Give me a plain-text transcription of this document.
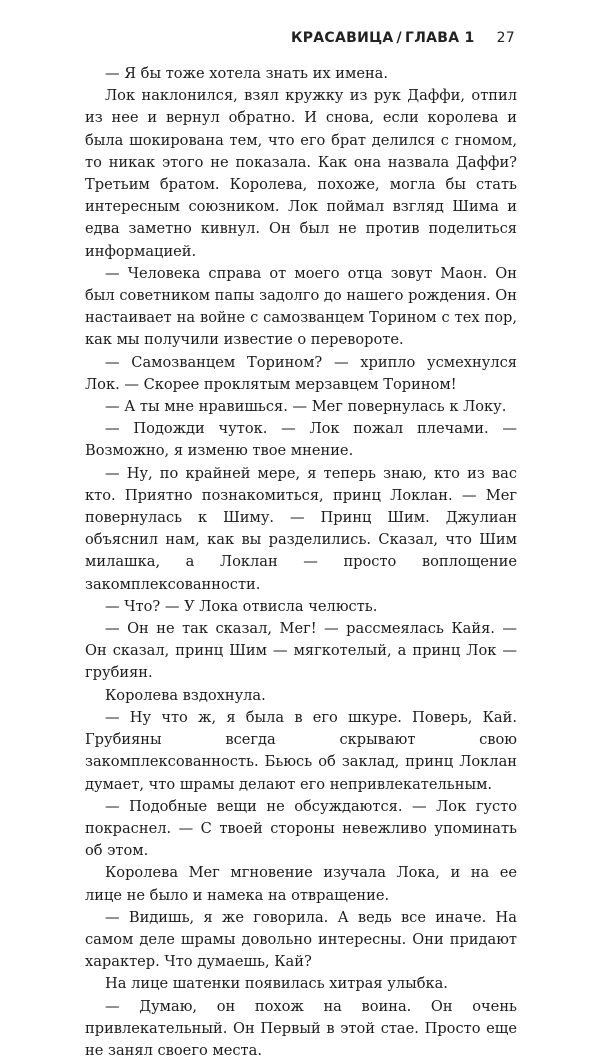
КРАСАВИЦА / ГЛАВА 1 27

— Я бы тоже хотела знать их имена.

Лок наклонился, взял кружку из рук Даффи, отпил из нее и вернул обратно. И снова, если королева и была шокирована тем, что его брат делился с гномом, то никак этого не показала. Как она назвала Даффи? Третьим братом. Королева, похоже, могла бы стать интересным союзником. Лок поймал взгляд Шима и едва заметно кивнул. Он был не против поделиться информацией.

— Человека справа от моего отца зовут Маон. Он был советником папы задолго до нашего рождения. Он настаивает на войне с самозванцем Торином с тех пор, как мы получили известие о перевороте.

— Самозванцем Торином? — хрипло усмехнулся Лок. — Скорее проклятым мерзавцем Торином!

— А ты мне нравишься. — Мег повернулась к Локу.

— Подожди чуток. — Лок пожал плечами. — Возможно, я изменю твое мнение.

— Ну, по крайней мере, я теперь знаю, кто из вас кто. Приятно познакомиться, принц Локлан. — Мег повернулась к Шиму. — Принц Шим. Джулиан объяснил нам, как вы разделились. Сказал, что Шим милашка, а Локлан — просто воплощение закомплексованности.

— Что? — У Лока отвисла челюсть.

— Он не так сказал, Мег! — рассмеялась Кайя. — Он сказал, принц Шим — мягкотелый, а принц Лок — грубиян.

Королева вздохнула.

— Ну что ж, я была в его шкуре. Поверь, Кай. Грубияны всегда скрывают свою закомплексованность. Бьюсь об заклад, принц Локлан думает, что шрамы делают его непривлекательным.

— Подобные вещи не обсуждаются. — Лок густо покраснел. — С твоей стороны невежливо упоминать об этом.

Королева Мег мгновение изучала Лока, и на ее лице не было и намека на отвращение.

— Видишь, я же говорила. А ведь все иначе. На самом деле шрамы довольно интересны. Они придают характер. Что думаешь, Кай?

На лице шатенки появилась хитрая улыбка.

— Думаю, он похож на воина. Он очень привлекательный. Он Первый в этой стае. Просто еще не занял своего места.
